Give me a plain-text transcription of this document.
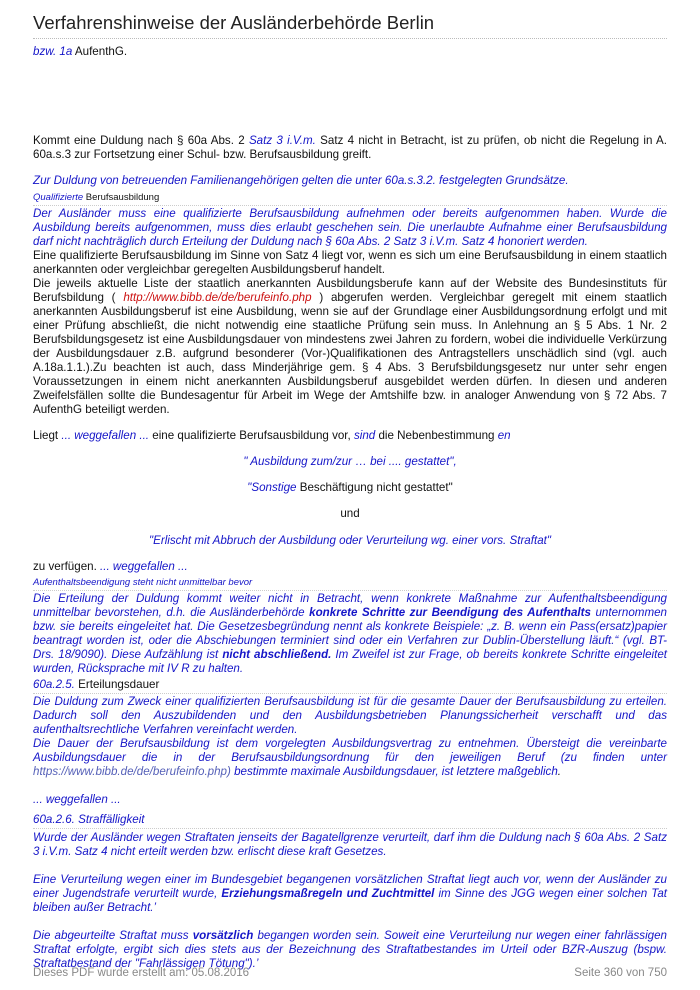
Verfahrenshinweise der Ausländerbehörde Berlin

bzw. 1a AufenthG.

Kommt eine Duldung nach § 60a Abs. 2 Satz 3 i.V.m. Satz 4 nicht in Betracht, ist zu prüfen, ob nicht die Regelung in A. 60a.s.3 zur Fortsetzung einer Schul- bzw. Berufsausbildung greift.

Zur Duldung von betreuenden Familienangehörigen gelten die unter 60a.s.3.2. festgelegten Grundsätze.

Qualifizierte Berufsausbildung

Der Ausländer muss eine qualifizierte Berufsausbildung aufnehmen oder bereits aufgenommen haben. Wurde die Ausbildung bereits aufgenommen, muss dies erlaubt geschehen sein. Die unerlaubte Aufnahme einer Berufsausbildung darf nicht nachträglich durch Erteilung der Duldung nach § 60a Abs. 2 Satz 3 i.V.m. Satz 4 honoriert werden.

Eine qualifizierte Berufsausbildung im Sinne von Satz 4 liegt vor, wenn es sich um eine Berufsausbildung in einem staatlich anerkannten oder vergleichbar geregelten Ausbildungsberuf handelt.

Die jeweils aktuelle Liste der staatlich anerkannten Ausbildungsberufe kann auf der Website des Bundesinstituts für Berufsbildung ( http://www.bibb.de/de/berufeinfo.php ) abgerufen werden. Vergleichbar geregelt mit einem staatlich anerkannten Ausbildungsberuf ist eine Ausbildung, wenn sie auf der Grundlage einer Ausbildungsordnung erfolgt und mit einer Prüfung abschließt, die nicht notwendig eine staatliche Prüfung sein muss. In Anlehnung an § 5 Abs. 1 Nr. 2 Berufsbildungsgesetz ist eine Ausbildungsdauer von mindestens zwei Jahren zu fordern, wobei die individuelle Verkürzung der Ausbildungsdauer z.B. aufgrund besonderer (Vor-)Qualifikationen des Antragstellers unschädlich sind (vgl. auch A.18a.1.1.).Zu beachten ist auch, dass Minderjährige gem. § 4 Abs. 3 Berufsbildungsgesetz nur unter sehr engen Voraussetzungen in einem nicht anerkannten Ausbildungsberuf ausgebildet werden dürfen. In diesen und anderen Zweifelsfällen sollte die Bundesagentur für Arbeit im Wege der Amtshilfe bzw. in analoger Anwendung von § 72 Abs. 7 AufenthG beteiligt werden.

Liegt ... weggefallen ... eine qualifizierte Berufsausbildung vor, sind die Nebenbestimmung en

" Ausbildung zum/zur … bei .... gestattet",

"Sonstige Beschäftigung nicht gestattet"

und

"Erlischt mit Abbruch der Ausbildung oder Verurteilung wg. einer vors. Straftat"

zu verfügen. ... weggefallen ...

Aufenthaltsbeendigung steht nicht unmittelbar bevor

Die Erteilung der Duldung kommt weiter nicht in Betracht, wenn konkrete Maßnahme zur Aufenthaltsbeendigung unmittelbar bevorstehen, d.h. die Ausländerbehörde konkrete Schritte zur Beendigung des Aufenthalts unternommen bzw. sie bereits eingeleitet hat. Die Gesetzesbegründung nennt als konkrete Beispiele: „z. B. wenn ein Pass(ersatz)papier beantragt worden ist, oder die Abschiebungen terminiert sind oder ein Verfahren zur Dublin-Überstellung läuft.“ (vgl. BT-Drs. 18/9090). Diese Aufzählung ist nicht abschließend. Im Zweifel ist zur Frage, ob bereits konkrete Schritte eingeleitet wurden, Rücksprache mit IV R zu halten.

60a.2.5. Erteilungsdauer

Die Duldung zum Zweck einer qualifizierten Berufsausbildung ist für die gesamte Dauer der Berufsausbildung zu erteilen. Dadurch soll den Auszubildenden und den Ausbildungsbetrieben Planungssicherheit verschafft und das aufenthaltsrechtliche Verfahren vereinfacht werden.

Die Dauer der Berufsausbildung ist dem vorgelegten Ausbildungsvertrag zu entnehmen. Übersteigt die vereinbarte Ausbildungsdauer die in der Berufsausbildungsordnung für den jeweiligen Beruf (zu finden unter https://www.bibb.de/de/berufeinfo.php) bestimmte maximale Ausbildungsdauer, ist letztere maßgeblich.

... weggefallen ...

60a.2.6. Straffälligkeit

Wurde der Ausländer wegen Straftaten jenseits der Bagatellgrenze verurteilt, darf ihm die Duldung nach § 60a Abs. 2 Satz 3 i.V.m. Satz 4 nicht erteilt werden bzw. erlischt diese kraft Gesetzes.

Eine Verurteilung wegen einer im Bundesgebiet begangenen vorsätzlichen Straftat liegt auch vor, wenn der Ausländer zu einer Jugendstrafe verurteilt wurde, Erziehungsmaßregeln und Zuchtmittel im Sinne des JGG wegen einer solchen Tat bleiben außer Betracht.’

Die abgeurteilte Straftat muss vorsätzlich begangen worden sein. Soweit eine Verurteilung nur wegen einer fahrlässigen Straftat erfolgte, ergibt sich dies stets aus der Bezeichnung des Straftatbestandes im Urteil oder BZR-Auszug (bspw. Straftatbestand der "Fahrlässigen Tötung").’

Dieses PDF wurde erstellt am: 05.08.2016	Seite 360 von 750
